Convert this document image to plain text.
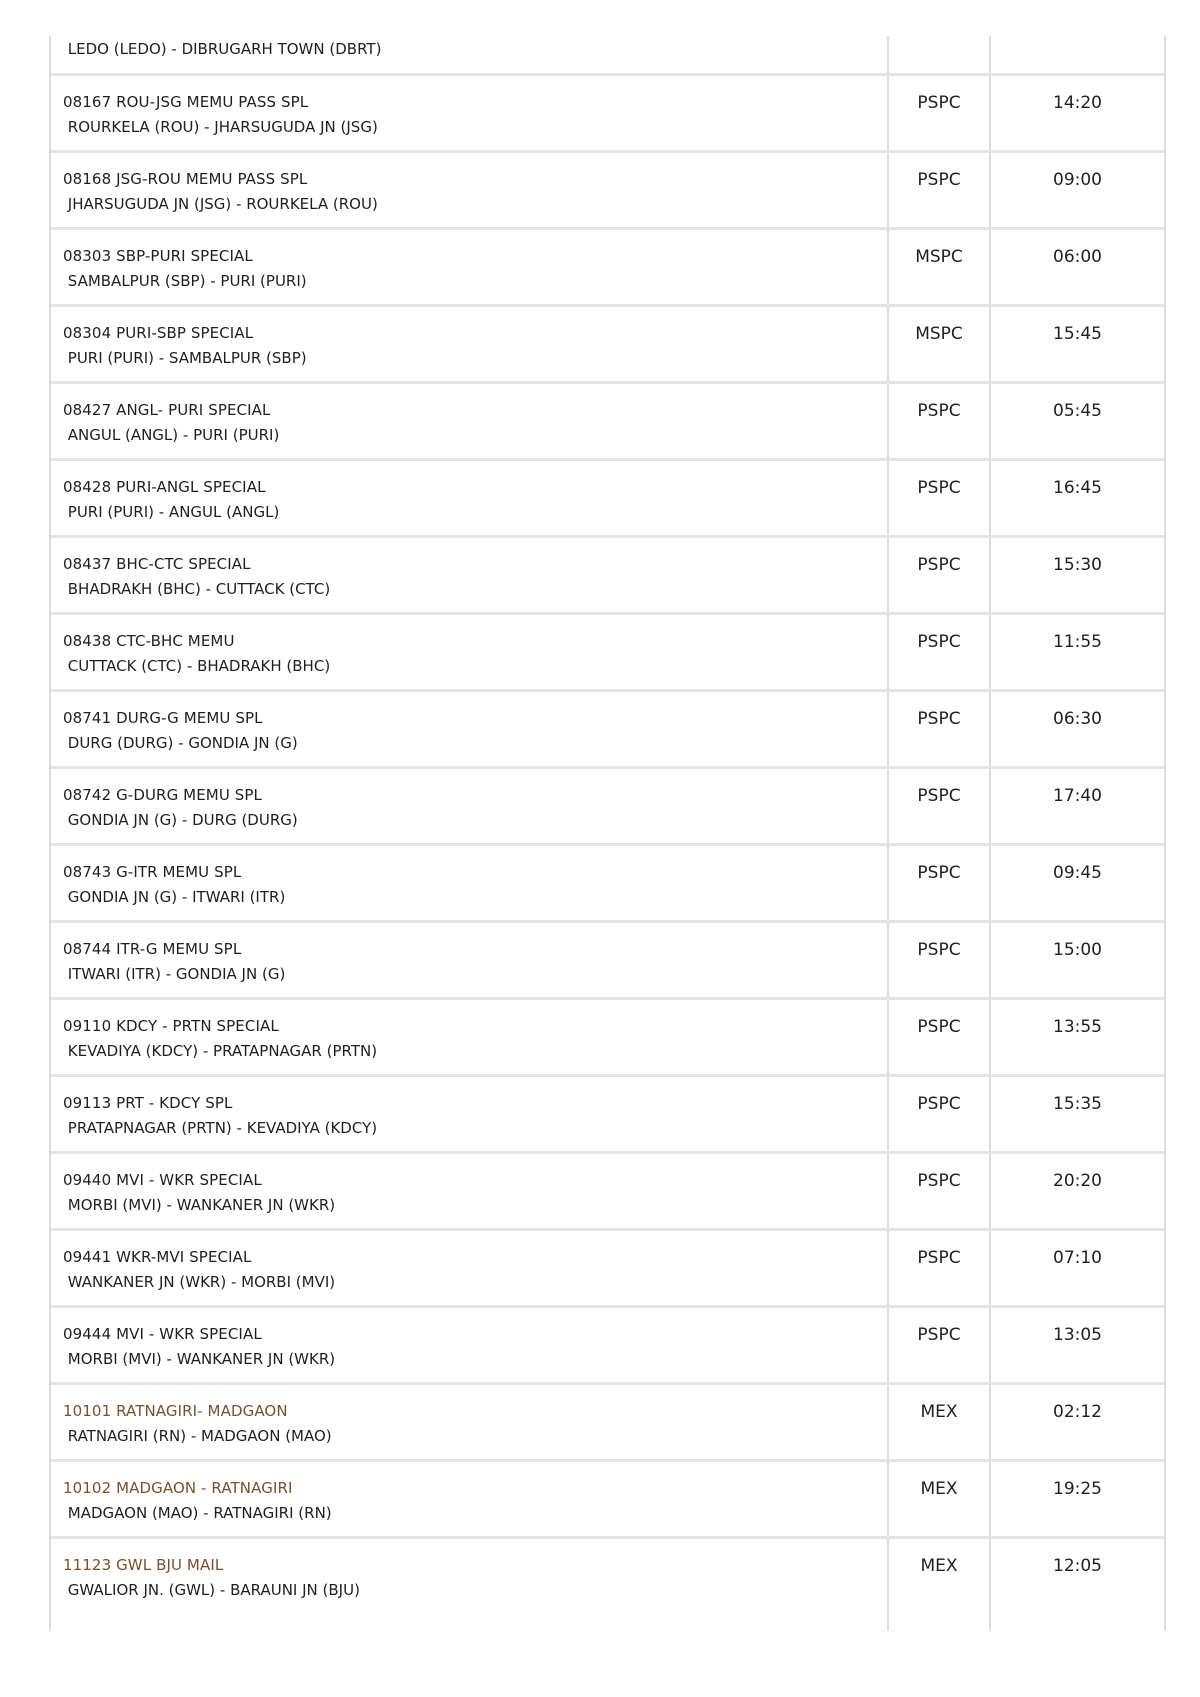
LEDO (LEDO) - DIBRUGARH TOWN (DBRT)
08167 ROU-JSG MEMU PASS SPL
ROURKELA (ROU) - JHARSUGUDA JN (JSG)
PSPC	14:20
08168 JSG-ROU MEMU PASS SPL
JHARSUGUDA JN (JSG) - ROURKELA (ROU)
PSPC	09:00
08303 SBP-PURI SPECIAL
SAMBALPUR (SBP) - PURI (PURI)
MSPC	06:00
08304 PURI-SBP SPECIAL
PURI (PURI) - SAMBALPUR (SBP)
MSPC	15:45
08427 ANGL- PURI SPECIAL
ANGUL (ANGL) - PURI (PURI)
PSPC	05:45
08428 PURI-ANGL SPECIAL
PURI (PURI) - ANGUL (ANGL)
PSPC	16:45
08437 BHC-CTC SPECIAL
BHADRAKH (BHC) - CUTTACK (CTC)
PSPC	15:30
08438 CTC-BHC MEMU
CUTTACK (CTC) - BHADRAKH (BHC)
PSPC	11:55
08741 DURG-G MEMU SPL
DURG (DURG) - GONDIA JN (G)
PSPC	06:30
08742 G-DURG MEMU SPL
GONDIA JN (G) - DURG (DURG)
PSPC	17:40
08743 G-ITR MEMU SPL
GONDIA JN (G) - ITWARI (ITR)
PSPC	09:45
08744 ITR-G MEMU SPL
ITWARI (ITR) - GONDIA JN (G)
PSPC	15:00
09110 KDCY - PRTN SPECIAL
KEVADIYA (KDCY) - PRATAPNAGAR (PRTN)
PSPC	13:55
09113 PRT - KDCY SPL
PRATAPNAGAR (PRTN) - KEVADIYA (KDCY)
PSPC	15:35
09440 MVI - WKR SPECIAL
MORBI (MVI) - WANKANER JN (WKR)
PSPC	20:20
09441 WKR-MVI SPECIAL
WANKANER JN (WKR) - MORBI (MVI)
PSPC	07:10
09444 MVI - WKR SPECIAL
MORBI (MVI) - WANKANER JN (WKR)
PSPC	13:05
10101 RATNAGIRI- MADGAON
RATNAGIRI (RN) - MADGAON (MAO)
MEX	02:12
10102 MADGAON - RATNAGIRI
MADGAON (MAO) - RATNAGIRI (RN)
MEX	19:25
11123 GWL BJU MAIL
GWALIOR JN. (GWL) - BARAUNI JN (BJU)
MEX	12:05
